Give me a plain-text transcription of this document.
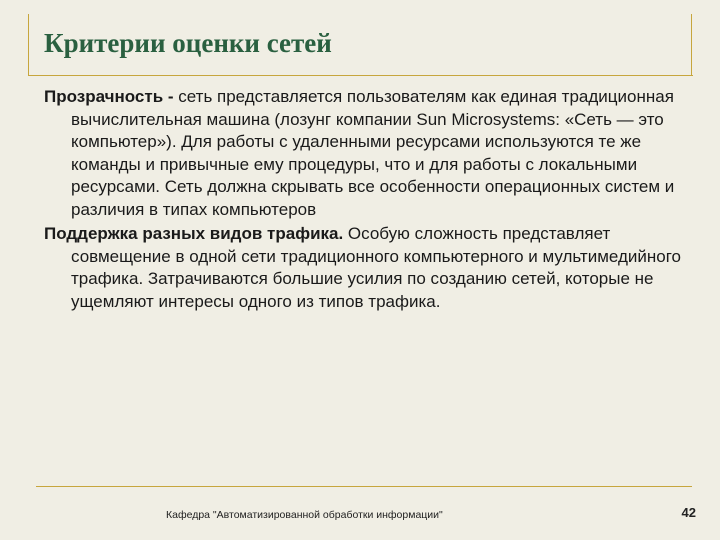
Критерии оценки сетей

Прозрачность - сеть представляется пользователям как единая традиционная вычислительная машина (лозунг компании Sun Microsystems: «Сеть — это компьютер»). Для работы с удаленными ресурсами используются те же команды и привычные ему процедуры, что и для работы с локальными ресурсами. Сеть должна скрывать все особенности операционных систем и различия в типах компьютеров

Поддержка разных видов трафика. Особую сложность представляет совмещение в одной сети традиционного компьютерного и мультимедийного трафика. Затрачиваются большие усилия по созданию сетей, которые не ущемляют интересы одного из типов трафика.

Кафедра "Автоматизированной обработки информации"	42
